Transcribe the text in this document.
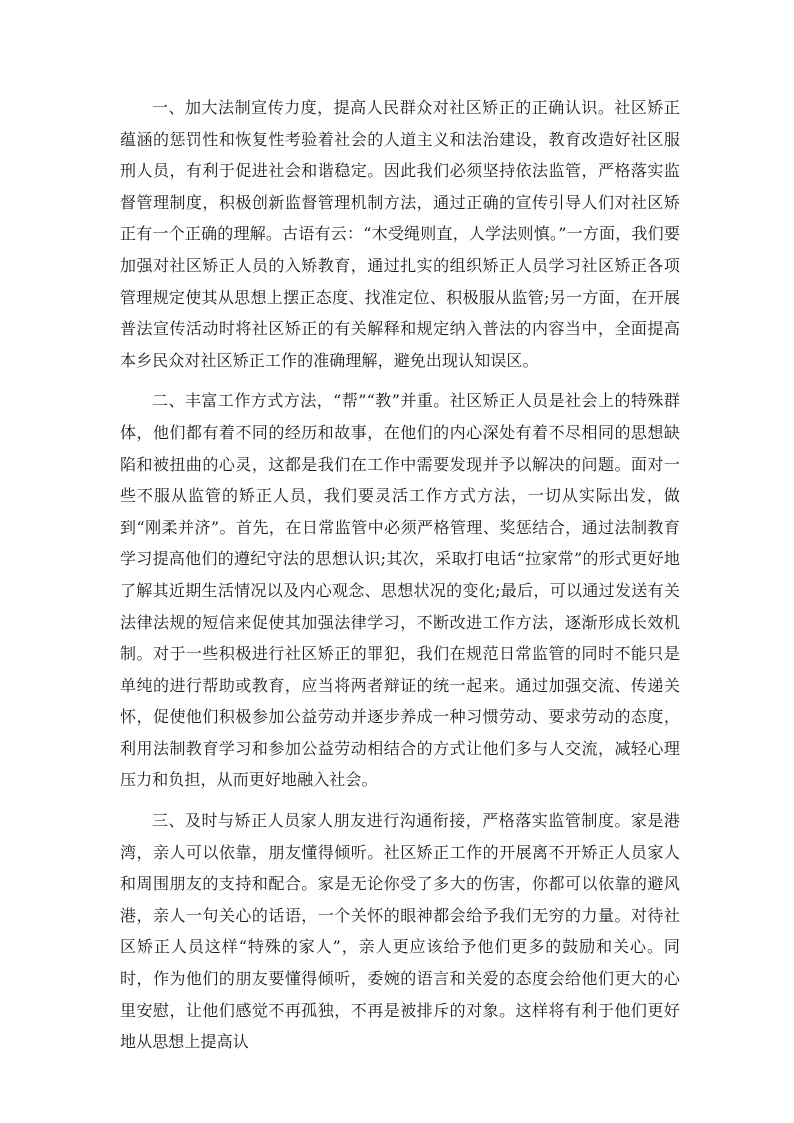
一、加大法制宣传力度，提高人民群众对社区矫正的正确认识。社区矫正蕴涵的惩罚性和恢复性考验着社会的人道主义和法治建设，教育改造好社区服刑人员，有利于促进社会和谐稳定。因此我们必须坚持依法监管，严格落实监督管理制度，积极创新监督管理机制方法，通过正确的宣传引导人们对社区矫正有一个正确的理解。古语有云：“木受绳则直，人学法则慎。”一方面，我们要加强对社区矫正人员的入矫教育，通过扎实的组织矫正人员学习社区矫正各项管理规定使其从思想上摆正态度、找准定位、积极服从监管;另一方面，在开展普法宣传活动时将社区矫正的有关解释和规定纳入普法的内容当中，全面提高本乡民众对社区矫正工作的准确理解，避免出现认知误区。

二、丰富工作方式方法，“帮”“教”并重。社区矫正人员是社会上的特殊群体，他们都有着不同的经历和故事，在他们的内心深处有着不尽相同的思想缺陷和被扭曲的心灵，这都是我们在工作中需要发现并予以解决的问题。面对一些不服从监管的矫正人员，我们要灵活工作方式方法，一切从实际出发，做到“刚柔并济”。首先，在日常监管中必须严格管理、奖惩结合，通过法制教育学习提高他们的遵纪守法的思想认识;其次，采取打电话“拉家常”的形式更好地了解其近期生活情况以及内心观念、思想状况的变化;最后，可以通过发送有关法律法规的短信来促使其加强法律学习，不断改进工作方法，逐渐形成长效机制。对于一些积极进行社区矫正的罪犯，我们在规范日常监管的同时不能只是单纯的进行帮助或教育，应当将两者辩证的统一起来。通过加强交流、传递关怀，促使他们积极参加公益劳动并逐步养成一种习惯劳动、要求劳动的态度，利用法制教育学习和参加公益劳动相结合的方式让他们多与人交流，减轻心理压力和负担，从而更好地融入社会。

三、及时与矫正人员家人朋友进行沟通衔接，严格落实监管制度。家是港湾，亲人可以依靠，朋友懂得倾听。社区矫正工作的开展离不开矫正人员家人和周围朋友的支持和配合。家是无论你受了多大的伤害，你都可以依靠的避风港，亲人一句关心的话语，一个关怀的眼神都会给予我们无穷的力量。对待社区矫正人员这样“特殊的家人”，亲人更应该给予他们更多的鼓励和关心。同时，作为他们的朋友要懂得倾听，委婉的语言和关爱的态度会给他们更大的心里安慰，让他们感觉不再孤独，不再是被排斥的对象。这样将有利于他们更好地从思想上提高认
